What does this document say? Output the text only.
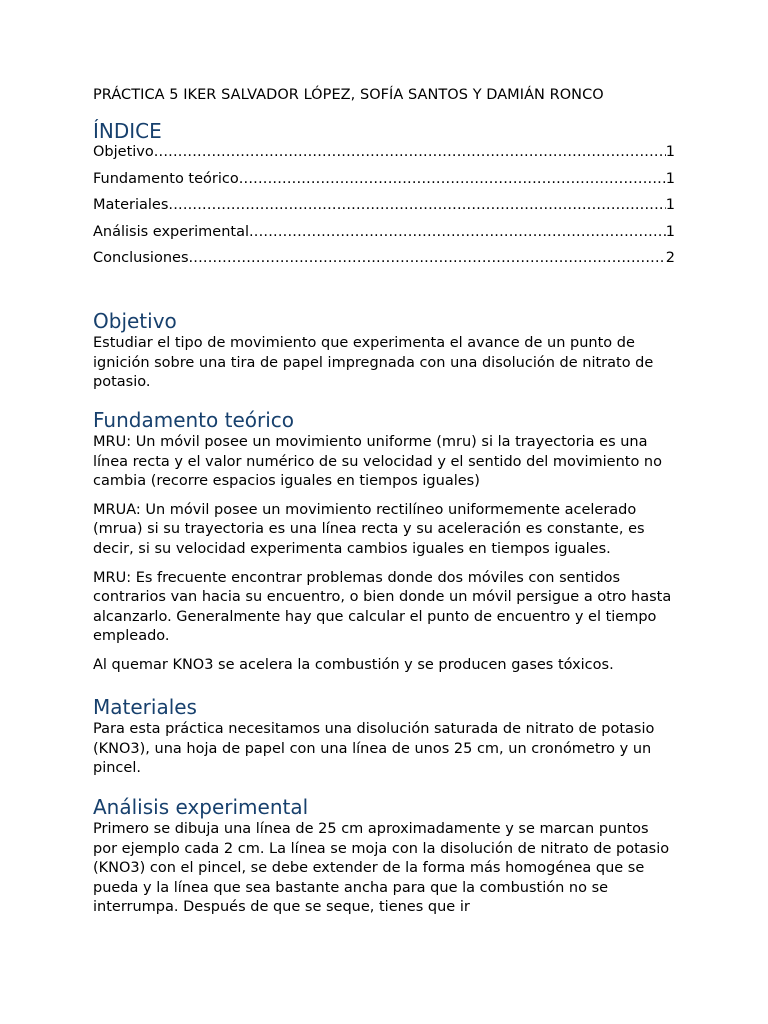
PRÁCTICA 5 IKER SALVADOR LÓPEZ, SOFÍA SANTOS Y DAMIÁN RONCO
ÍNDICE
Objetivo .....	1
Fundamento teórico .....	1
Materiales .....	1
Análisis experimental .....	1
Conclusiones .....	2
Objetivo

Estudiar el tipo de movimiento que experimenta el avance de un punto de ignición sobre una tira de papel impregnada con una disolución de nitrato de potasio.

Fundamento teórico

MRU: Un móvil posee un movimiento uniforme (mru) si la trayectoria es una línea recta y el valor numérico de su velocidad y el sentido del movimiento no cambia (recorre espacios iguales en tiempos iguales)

MRUA: Un móvil posee un movimiento rectilíneo uniformemente acelerado (mrua) si su trayectoria es una línea recta y su aceleración es constante, es decir, si su velocidad experimenta cambios iguales en tiempos iguales.

MRU: Es frecuente encontrar problemas donde dos móviles con sentidos contrarios van hacia su encuentro, o bien donde un móvil persigue a otro hasta alcanzarlo. Generalmente hay que calcular el punto de encuentro y el tiempo empleado.

Al quemar KNO3 se acelera la combustión y se producen gases tóxicos.

Materiales

Para esta práctica necesitamos una disolución saturada de nitrato de potasio (KNO3), una hoja de papel con una línea de unos 25 cm, un cronómetro y un pincel.

Análisis experimental

Primero se dibuja una línea de 25 cm aproximadamente y se marcan puntos por ejemplo cada 2 cm. La línea se moja con la disolución de nitrato de potasio (KNO3) con el pincel, se debe extender de la forma más homogénea que se pueda y la línea que sea bastante ancha para que la combustión no se interrumpa. Después de que se seque, tienes que ir
